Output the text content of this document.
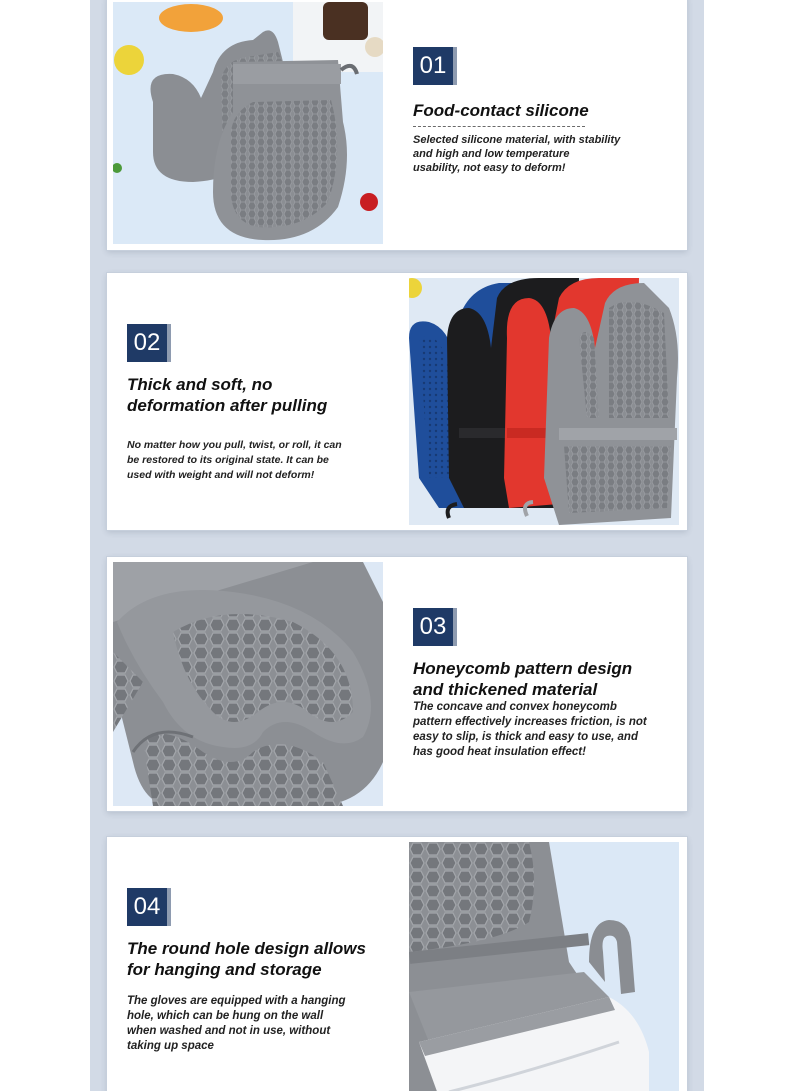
01
Food-contact silicone
Selected silicone material, with stability
and high and low temperature
usability, not easy to deform!
02
Thick and soft, no
deformation after pulling
No matter how you pull, twist, or roll, it can
be restored to its original state. It can be
used with weight and will not deform!
03
Honeycomb pattern design
and thickened material
The concave and convex honeycomb
pattern effectively increases friction, is not
easy to slip, is thick and easy to use, and
has good heat insulation effect!
04
The round hole design allows
for hanging and storage
The gloves are equipped with a hanging
hole, which can be hung on the wall
when washed and not in use, without
taking up space
